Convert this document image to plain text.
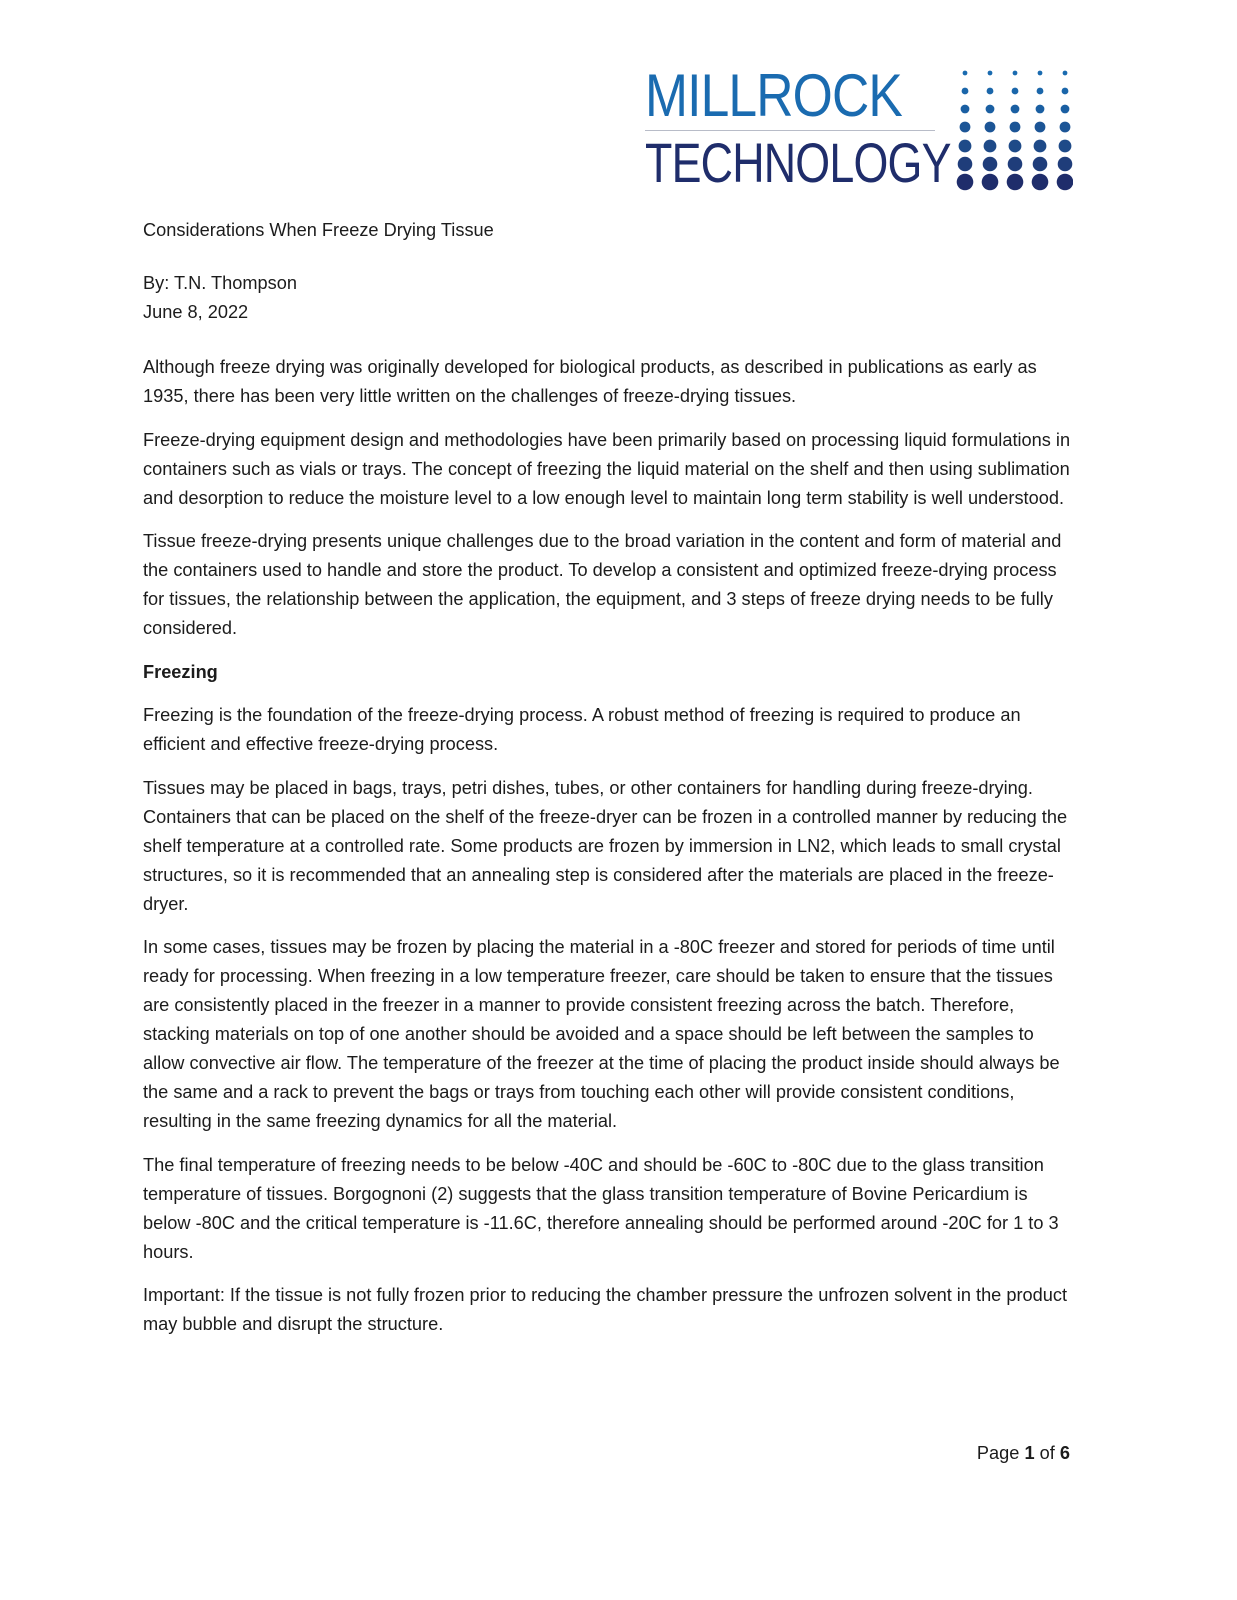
MILLROCK
TECHNOLOGY
Considerations When Freeze Drying Tissue
By: T.N. Thompson
June 8, 2022

Although freeze drying was originally developed for biological products, as described in publications as early as 1935, there has been very little written on the challenges of freeze-drying tissues.

Freeze-drying equipment design and methodologies have been primarily based on processing liquid formulations in containers such as vials or trays. The concept of freezing the liquid material on the shelf and then using sublimation and desorption to reduce the moisture level to a low enough level to maintain long term stability is well understood.

Tissue freeze-drying presents unique challenges due to the broad variation in the content and form of material and the containers used to handle and store the product. To develop a consistent and optimized freeze-drying process for tissues, the relationship between the application, the equipment, and 3 steps of freeze drying needs to be fully considered.

Freezing

Freezing is the foundation of the freeze-drying process. A robust method of freezing is required to produce an efficient and effective freeze-drying process.

Tissues may be placed in bags, trays, petri dishes, tubes, or other containers for handling during freeze-drying. Containers that can be placed on the shelf of the freeze-dryer can be frozen in a controlled manner by reducing the shelf temperature at a controlled rate. Some products are frozen by immersion in LN2, which leads to small crystal structures, so it is recommended that an annealing step is considered after the materials are placed in the freeze-dryer.

In some cases, tissues may be frozen by placing the material in a -80C freezer and stored for periods of time until ready for processing. When freezing in a low temperature freezer, care should be taken to ensure that the tissues are consistently placed in the freezer in a manner to provide consistent freezing across the batch. Therefore, stacking materials on top of one another should be avoided and a space should be left between the samples to allow convective air flow. The temperature of the freezer at the time of placing the product inside should always be the same and a rack to prevent the bags or trays from touching each other will provide consistent conditions, resulting in the same freezing dynamics for all the material.

The final temperature of freezing needs to be below -40C and should be -60C to -80C due to the glass transition temperature of tissues. Borgognoni (2) suggests that the glass transition temperature of Bovine Pericardium is below -80C and the critical temperature is -11.6C, therefore annealing should be performed around -20C for 1 to 3 hours.

Important: If the tissue is not fully frozen prior to reducing the chamber pressure the unfrozen solvent in the product may bubble and disrupt the structure.

Page 1 of 6
